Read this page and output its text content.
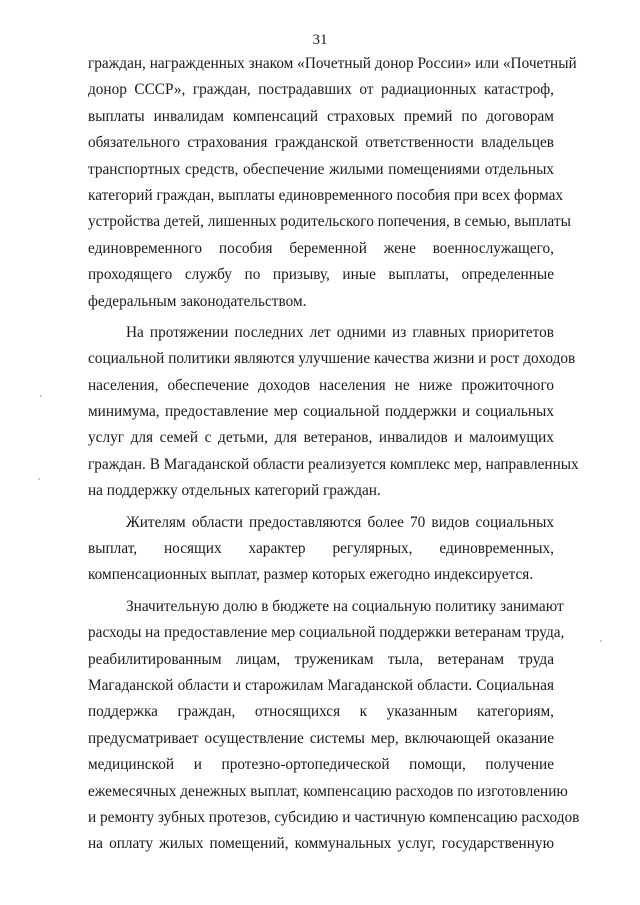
31
граждан, награжденных знаком «Почетный донор России» или «Почетный
донор СССР», граждан, пострадавших от радиационных катастроф,
выплаты инвалидам компенсаций страховых премий по договорам
обязательного страхования гражданской ответственности владельцев
транспортных средств, обеспечение жилыми помещениями отдельных
категорий граждан, выплаты единовременного пособия при всех формах
устройства детей, лишенных родительского попечения, в семью, выплаты
единовременного пособия беременной жене военнослужащего,
проходящего службу по призыву, иные выплаты, определенные
федеральным законодательством.
На протяжении последних лет одними из главных приоритетов
социальной политики являются улучшение качества жизни и рост доходов
населения, обеспечение доходов населения не ниже прожиточного
минимума, предоставление мер социальной поддержки и социальных
услуг для семей с детьми, для ветеранов, инвалидов и малоимущих
граждан. В Магаданской области реализуется комплекс мер, направленных
на поддержку отдельных категорий граждан.
Жителям области предоставляются более 70 видов социальных
выплат, носящих характер регулярных, единовременных,
компенсационных выплат, размер которых ежегодно индексируется.
Значительную долю в бюджете на социальную политику занимают
расходы на предоставление мер социальной поддержки ветеранам труда,
реабилитированным лицам, труженикам тыла, ветеранам труда
Магаданской области и старожилам Магаданской области. Социальная
поддержка граждан, относящихся к указанным категориям,
предусматривает осуществление системы мер, включающей оказание
медицинской и протезно-ортопедической помощи, получение
ежемесячных денежных выплат, компенсацию расходов по изготовлению
и ремонту зубных протезов, субсидию и частичную компенсацию расходов
на оплату жилых помещений, коммунальных услуг, государственную
